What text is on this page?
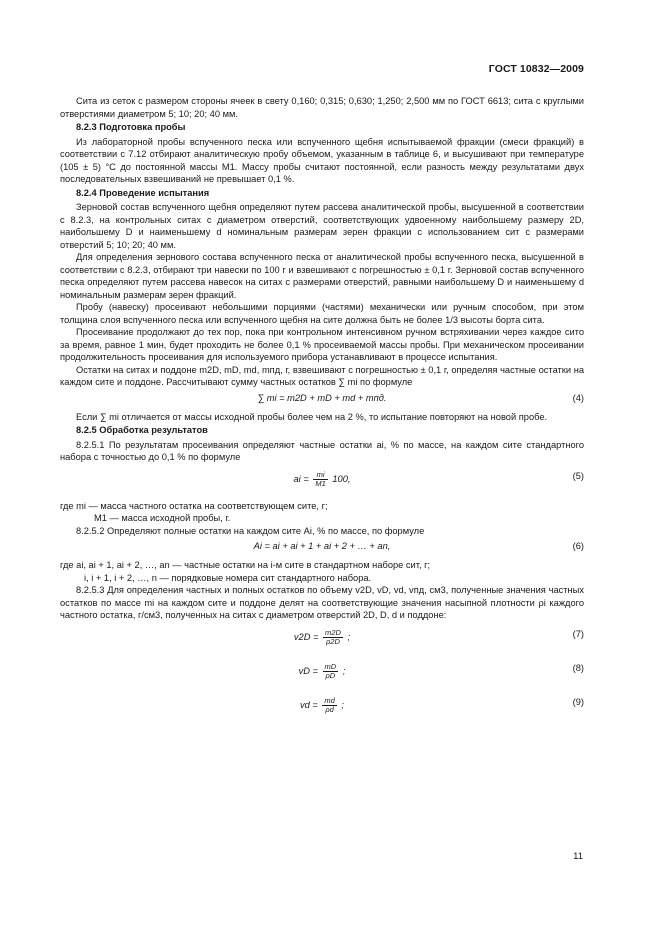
ГОСТ 10832—2009

Сита из сеток с размером стороны ячеек в свету 0,160; 0,315; 0,630; 1,250; 2,500 мм по ГОСТ 6613; сита с круглыми отверстиями диаметром 5; 10; 20; 40 мм.

8.2.3 Подготовка пробы

Из лабораторной пробы вспученного песка или вспученного щебня испытываемой фракции (смеси фракций) в соответствии с 7.12 отбирают аналитическую пробу объемом, указанным в таблице 6, и высушивают при температуре (105 ± 5) °С до постоянной массы M1. Массу пробы считают постоянной, если разность между результатами двух последовательных взвешиваний не превышает 0,1 %.

8.2.4 Проведение испытания

Зерновой состав вспученного щебня определяют путем рассева аналитической пробы, высушенной в соответствии с 8.2.3, на контрольных ситах с диаметром отверстий, соответствующих удвоенному наибольшему размеру 2D, наибольшему D и наименьшему d номинальным размерам зерен фракции с использованием сит с размерами отверстий 5; 10; 20; 40 мм.

Для определения зернового состава вспученного песка от аналитической пробы вспученного песка, высушенной в соответствии с 8.2.3, отбирают три навески по 100 г и взвешивают с погрешностью ± 0,1 г. Зерновой состав вспученного песка определяют путем рассева навесок на ситах с размерами отверстий, равными наибольшему D и наименьшему d номинальным размерам зерен фракций.

Пробу (навеску) просеивают небольшими порциями (частями) механически или ручным способом, при этом толщина слоя вспученного песка или вспученного щебня на сите должна быть не более 1/3 высоты борта сита.

Просеивание продолжают до тех пор, пока при контрольном интенсивном ручном встряхивании через каждое сито за время, равное 1 мин, будет проходить не более 0,1 % просеиваемой массы пробы. При механическом просеивании продолжительность просеивания для используемого прибора устанавливают в процессе испытания.

Остатки на ситах и поддоне m2D, mD, md, mпд, г, взвешивают с погрешностью ± 0,1 г, определяя частные остатки на каждом сите и поддоне. Рассчитывают сумму частных остатков ∑ mi по формуле

∑ mi = m2D + mD + md + mпд.	(4)

Если ∑ mi отличается от массы исходной пробы более чем на 2 %, то испытание повторяют на новой пробе.

8.2.5 Обработка результатов

8.2.5.1 По результатам просеивания определяют частные остатки ai, % по массе, на каждом сите стандартного набора с точностью до 0,1 % по формуле

ai = $\frac{mi}{M1} 100$,	(5)

где mi — масса частного остатка на соответствующем сите, г;

M1 — масса исходной пробы, г.

8.2.5.2 Определяют полные остатки на каждом сите Ai, % по массе, по формуле

Ai = ai + ai + 1 + ai + 2 + … + an,	(6)

где ai, ai + 1, ai + 2, …, an — частные остатки на i-м сите в стандартном наборе сит, г;

i, i + 1, i + 2, …, n — порядковые номера сит стандартного набора.

8.2.5.3 Для определения частных и полных остатков по объему v2D, vD, vd, vпд, см3, полученные значения частных остатков по массе mi на каждом сите и поддоне делят на соответствующие значения насыпной плотности ρi каждого частного остатка, г/см3, полученных на ситах с диаметром отверстий 2D, D, d и поддоне:

$v2D = \frac{m2D}{\rho 2D}$ ;	(7)
vD = $\frac{mD}{\rho D}$ ;	(8)
vd = $\frac{md}{\rho d}$ ;	(9)
11
